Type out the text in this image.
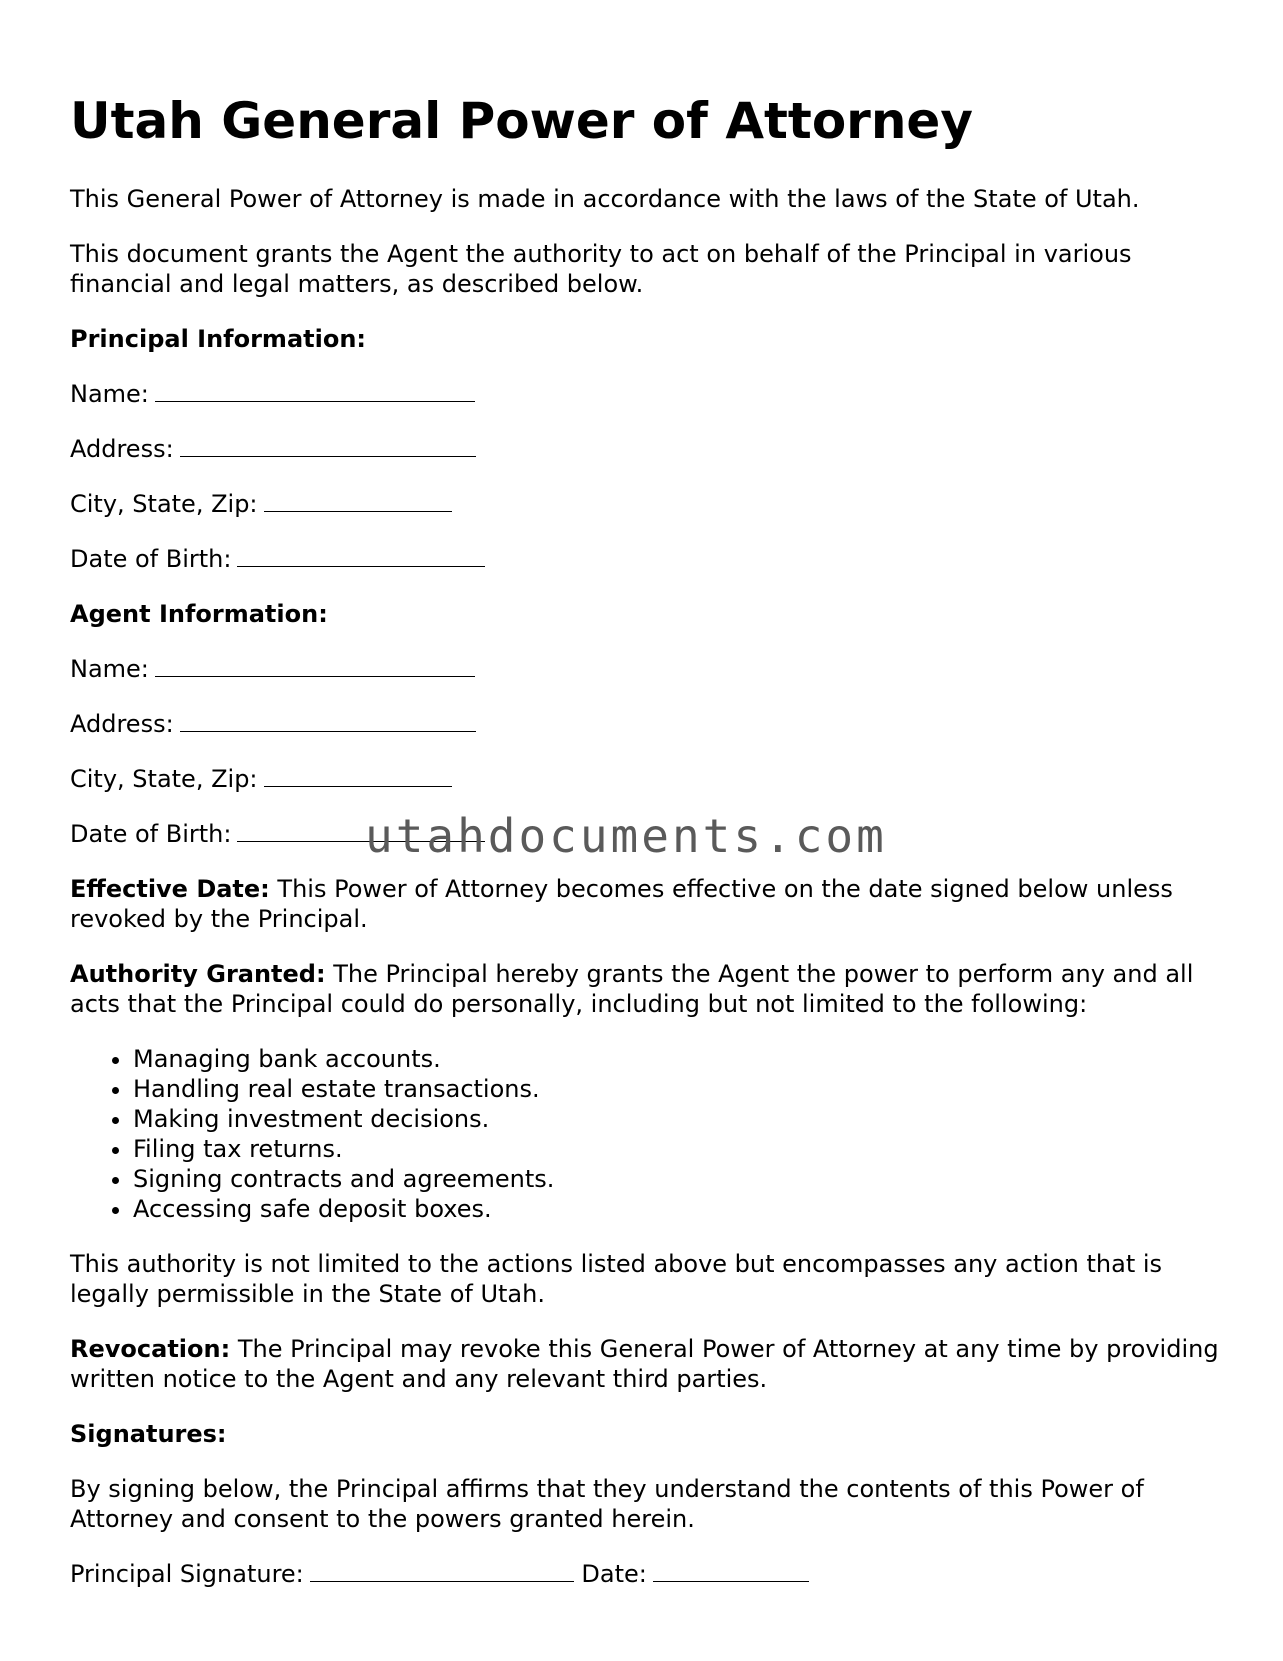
Utah General Power of Attorney

This General Power of Attorney is made in accordance with the laws of the State of Utah.

This document grants the Agent the authority to act on behalf of the Principal in various financial and legal matters, as described below.

Principal Information:

Name:

Address:

City, State, Zip:

Date of Birth:

Agent Information:

Name:

Address:

City, State, Zip:

Date of Birth:

Effective Date: This Power of Attorney becomes effective on the date signed below unless revoked by the Principal.

Authority Granted: The Principal hereby grants the Agent the power to perform any and all acts that the Principal could do personally, including but not limited to the following:

• Managing bank accounts.
• Handling real estate transactions.
• Making investment decisions.
• Filing tax returns.
• Signing contracts and agreements.
• Accessing safe deposit boxes.

This authority is not limited to the actions listed above but encompasses any action that is legally permissible in the State of Utah.

Revocation: The Principal may revoke this General Power of Attorney at any time by providing written notice to the Agent and any relevant third parties.

Signatures:

By signing below, the Principal affirms that they understand the contents of this Power of Attorney and consent to the powers granted herein.

Principal Signature:	Date:

utahdocuments.com
